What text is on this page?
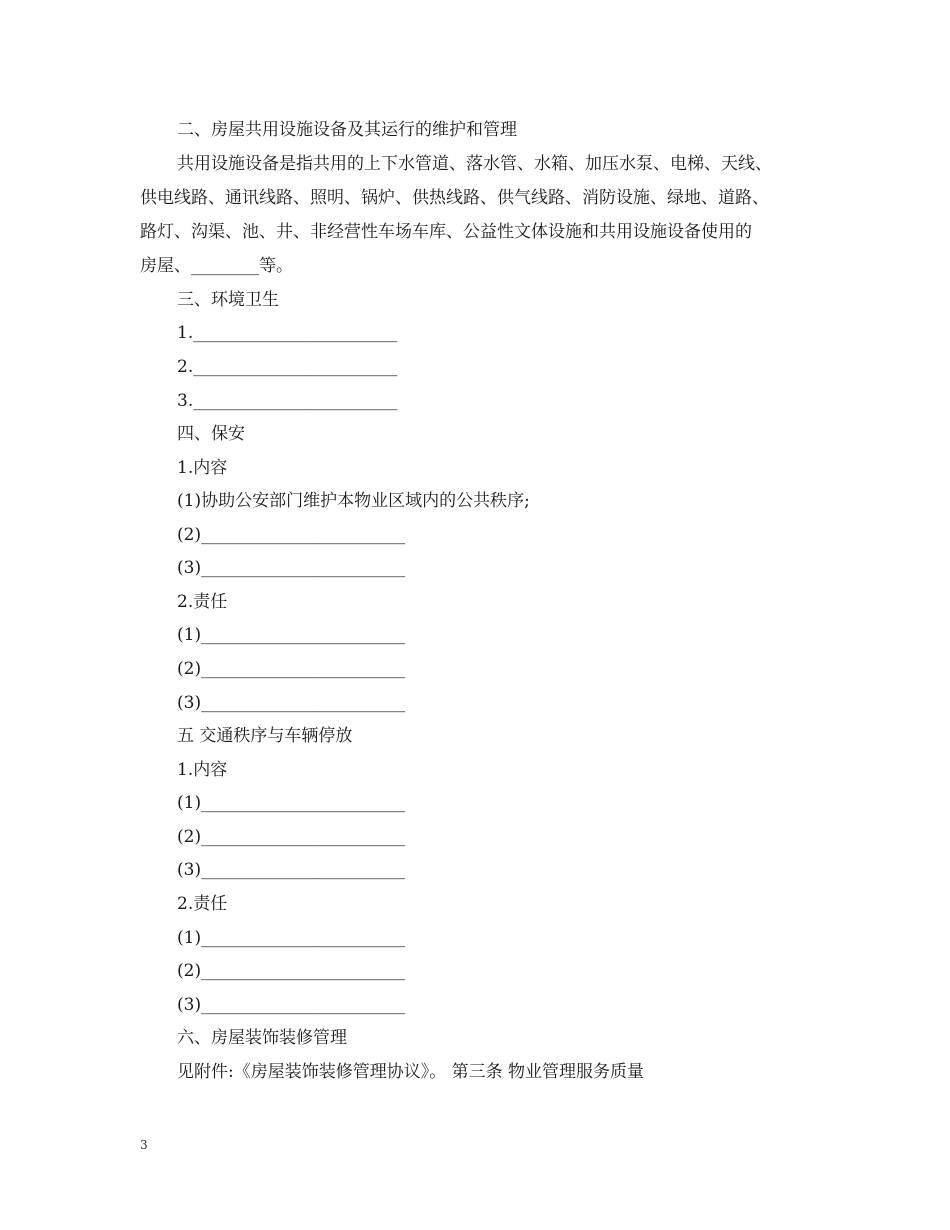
二、房屋共用设施设备及其运行的维护和管理
共用设施设备是指共用的上下水管道、落水管、水箱、加压水泵、电梯、天线、
供电线路、通讯线路、照明、锅炉、供热线路、供气线路、消防设施、绿地、道路、
路灯、沟渠、池、井、非经营性车场车库、公益性文体设施和共用设施设备使用的
房屋、________等。
三、环境卫生
1.________________________
2.________________________
3.________________________
四、保安
1.内容
(1)协助公安部门维护本物业区域内的公共秩序;
(2)________________________
(3)________________________
2.责任
(1)________________________
(2)________________________
(3)________________________
五 交通秩序与车辆停放
1.内容
(1)________________________
(2)________________________
(3)________________________
2.责任
(1)________________________
(2)________________________
(3)________________________
六、房屋装饰装修管理
见附件:《房屋装饰装修管理协议》。 第三条 物业管理服务质量
3
